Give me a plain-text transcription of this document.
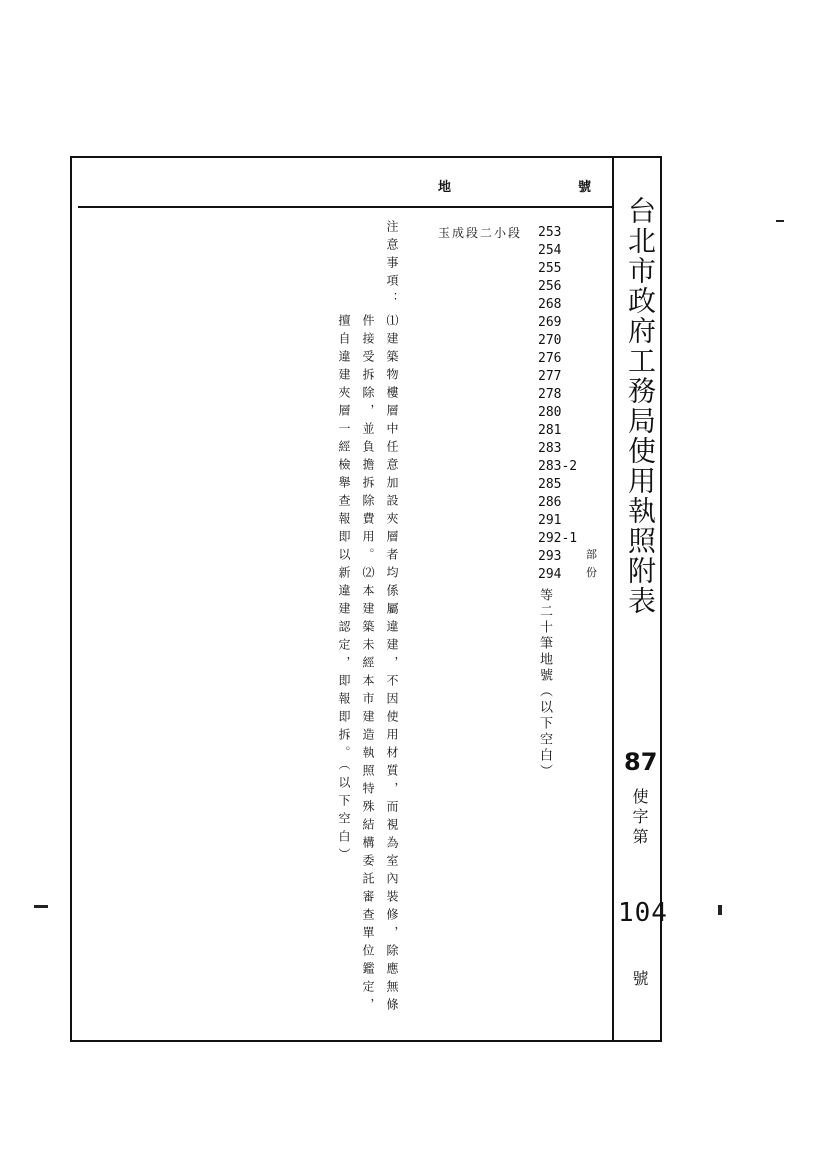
地	號
台北市政府工務局使用執照附表
87
使字第
104
號
玉成段二小段 253
254
255
256
268
269
270
276
277
278
280
281
283
283-2
285
286
291
292-1
293 部份
294
等二十筆地號（以下空白）
注意事項：
⑴建築物樓層中任意加設夾層者均係屬違建，不因使用材質，而視為室內裝修，除應無條
件接受拆除，並負擔拆除費用。⑵本建築未經本市建造執照特殊結構委託審查單位鑑定，
擅自違建夾層一經檢舉查報即以新違建認定，即報即拆。（以下空白）
